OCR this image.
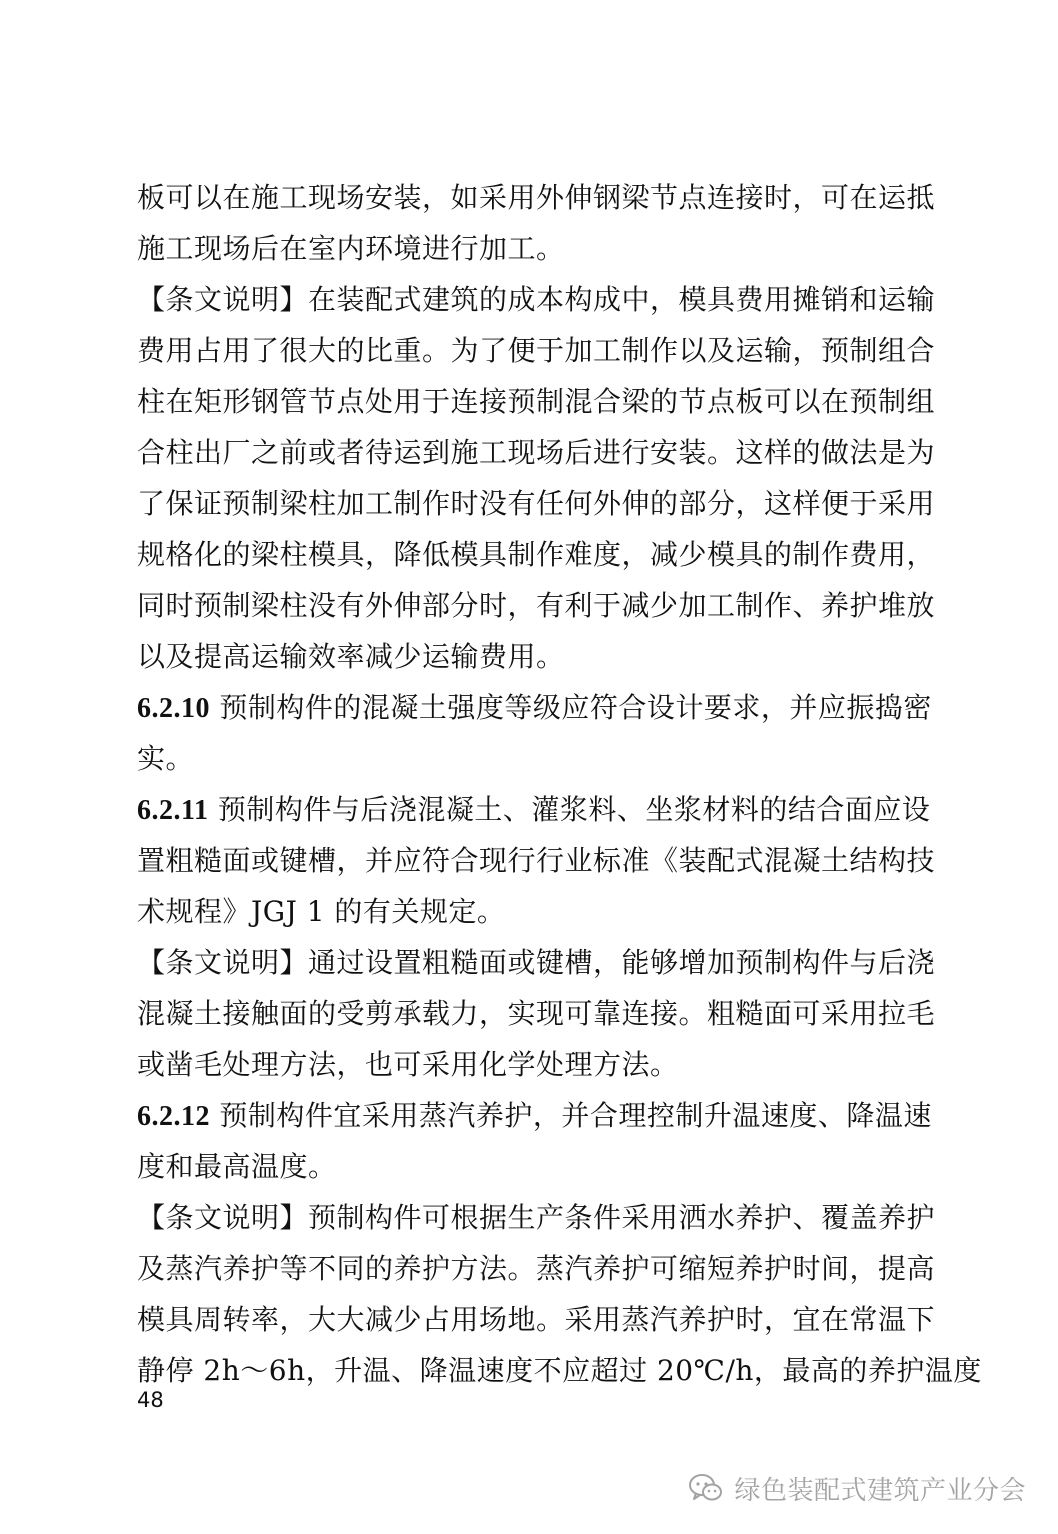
板可以在施工现场安装，如采用外伸钢梁节点连接时，可在运抵
施工现场后在室内环境进行加工。
【条文说明】在装配式建筑的成本构成中，模具费用摊销和运输
费用占用了很大的比重。为了便于加工制作以及运输，预制组合
柱在矩形钢管节点处用于连接预制混合梁的节点板可以在预制组
合柱出厂之前或者待运到施工现场后进行安装。这样的做法是为
了保证预制梁柱加工制作时没有任何外伸的部分，这样便于采用
规格化的梁柱模具，降低模具制作难度，减少模具的制作费用，
同时预制梁柱没有外伸部分时，有利于减少加工制作、养护堆放
以及提高运输效率减少运输费用。
6.2.10 预制构件的混凝土强度等级应符合设计要求，并应振捣密
实。
6.2.11 预制构件与后浇混凝土、灌浆料、坐浆材料的结合面应设
置粗糙面或键槽，并应符合现行行业标准《装配式混凝土结构技
术规程》JGJ 1 的有关规定。
【条文说明】通过设置粗糙面或键槽，能够增加预制构件与后浇
混凝土接触面的受剪承载力，实现可靠连接。粗糙面可采用拉毛
或凿毛处理方法，也可采用化学处理方法。
6.2.12 预制构件宜采用蒸汽养护，并合理控制升温速度、降温速
度和最高温度。
【条文说明】预制构件可根据生产条件采用洒水养护、覆盖养护
及蒸汽养护等不同的养护方法。蒸汽养护可缩短养护时间，提高
模具周转率，大大减少占用场地。采用蒸汽养护时，宜在常温下
静停 2h～6h，升温、降温速度不应超过 20℃/h，最高的养护温度
48
绿色装配式建筑产业分会
